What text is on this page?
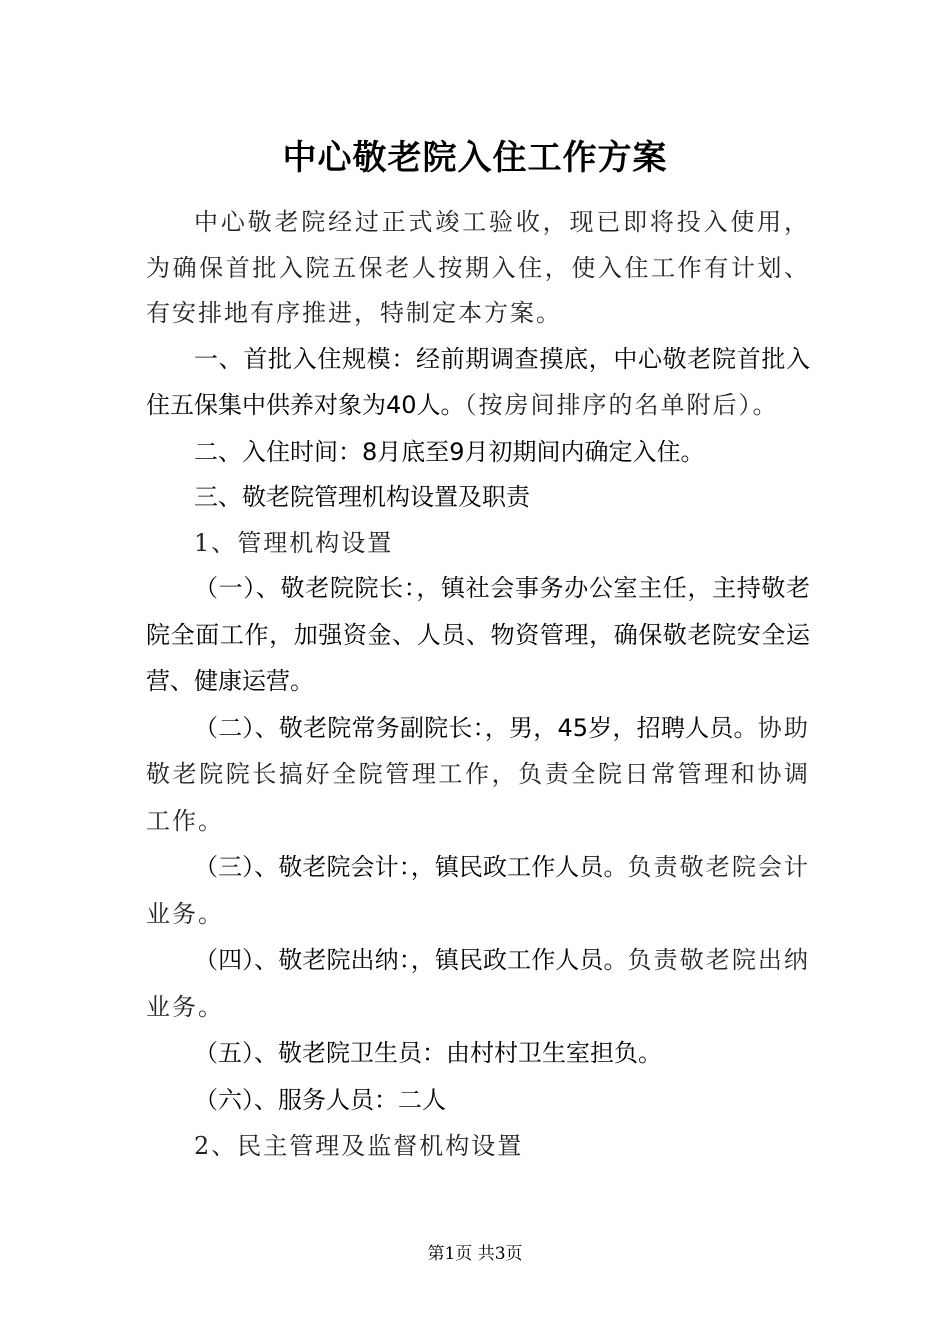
中心敬老院入住工作方案

中心敬老院经过正式竣工验收，现已即将投入使用，为确保首批入院五保老人按期入住，使入住工作有计划、有安排地有序推进，特制定本方案。

一、首批入住规模：经前期调查摸底，中心敬老院首批入住五保集中供养对象为40人。（按房间排序的名单附后）。

二、入住时间：8月底至9月初期间内确定入住。

三、敬老院管理机构设置及职责

1、管理机构设置

（一）、敬老院院长：，镇社会事务办公室主任，主持敬老院全面工作，加强资金、人员、物资管理，确保敬老院安全运营、健康运营。

（二）、敬老院常务副院长：，男，45岁，招聘人员。协助敬老院院长搞好全院管理工作，负责全院日常管理和协调工作。

（三）、敬老院会计：，镇民政工作人员。负责敬老院会计业务。

（四）、敬老院出纳：，镇民政工作人员。负责敬老院出纳业务。

（五）、敬老院卫生员：由村村卫生室担负。

（六）、服务人员：二人

2、民主管理及监督机构设置

第1页 共3页
